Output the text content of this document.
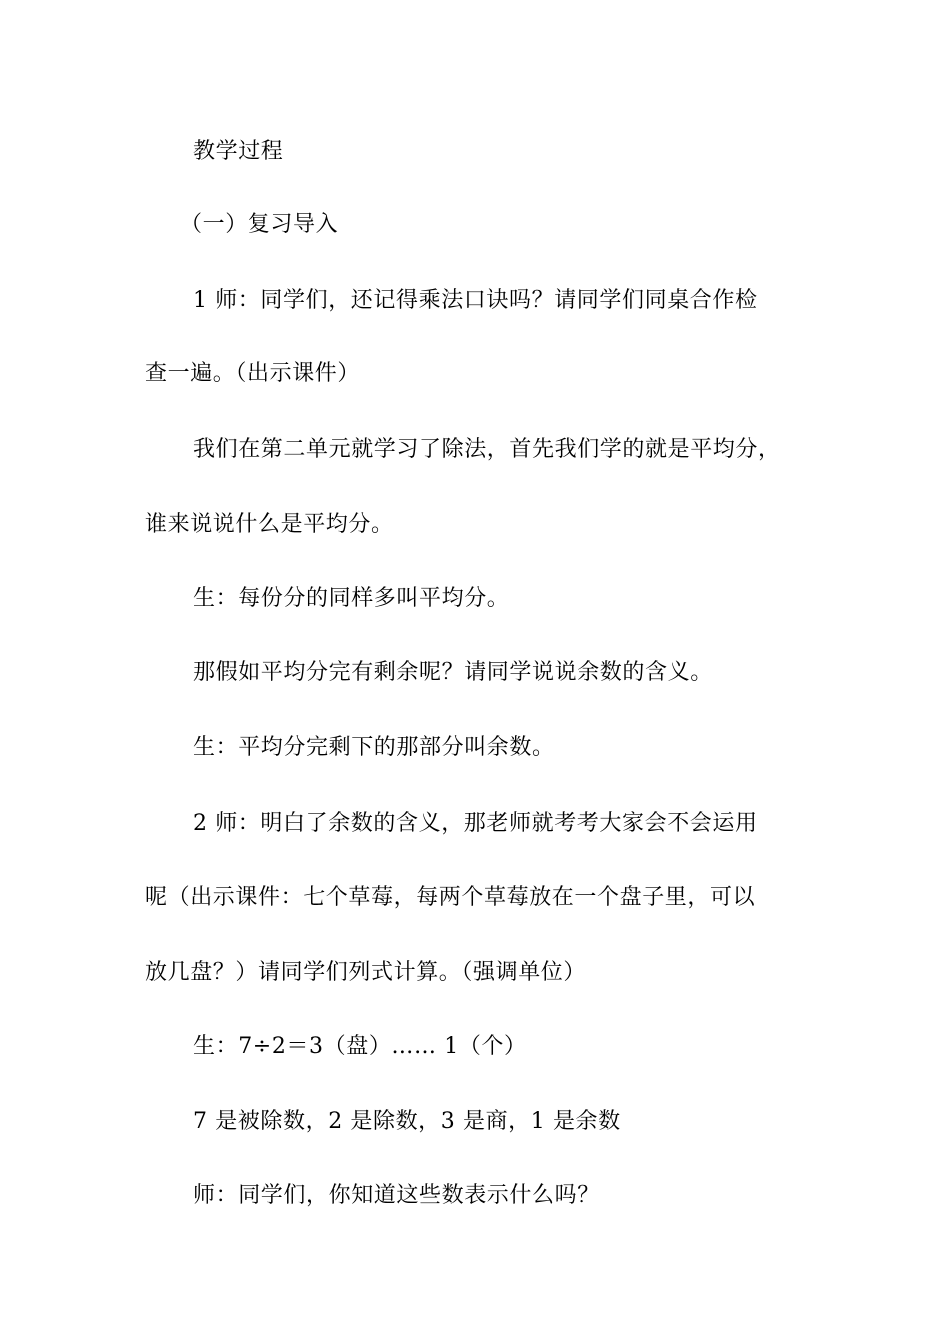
教学过程
（一）复习导入
1 师：同学们，还记得乘法口诀吗？请同学们同桌合作检
查一遍。（出示课件）
我们在第二单元就学习了除法，首先我们学的就是平均分，
谁来说说什么是平均分。
生：每份分的同样多叫平均分。
那假如平均分完有剩余呢？请同学说说余数的含义。
生：平均分完剩下的那部分叫余数。
2 师：明白了余数的含义，那老师就考考大家会不会运用
呢（出示课件：七个草莓，每两个草莓放在一个盘子里，可以
放几盘？）请同学们列式计算。（强调单位）
生：7÷2＝3（盘）…… 1（个）
7 是被除数，2 是除数，3 是商，1 是余数
师：同学们，你知道这些数表示什么吗？
